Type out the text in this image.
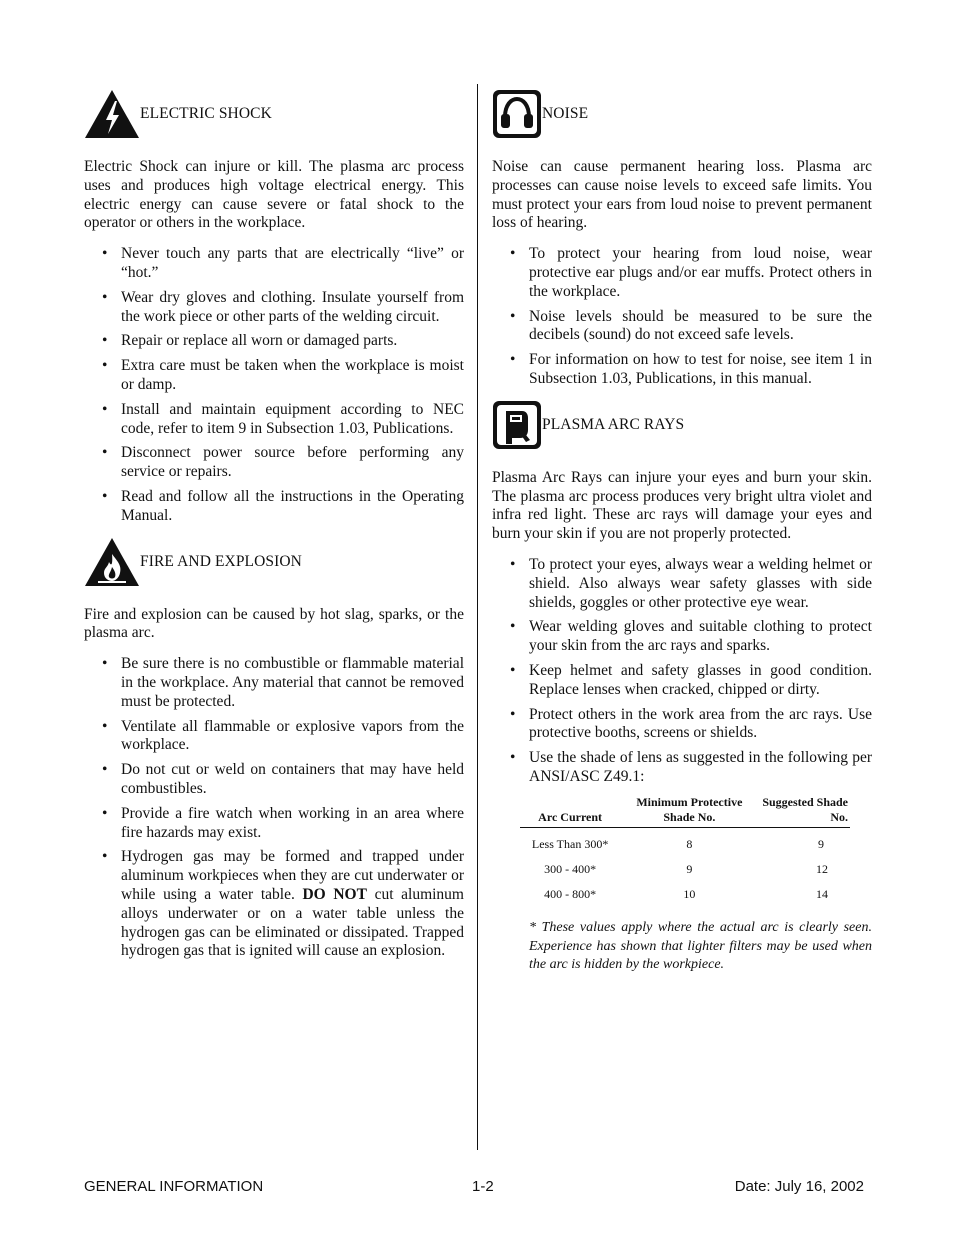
ELECTRIC SHOCK

Electric Shock can injure or kill. The plasma arc process uses and produces high voltage electrical energy. This electric energy can cause severe or fatal shock to the operator or others in the workplace.

• Never touch any parts that are electrically “live” or “hot.”
• Wear dry gloves and clothing. Insulate yourself from the work piece or other parts of the welding circuit.
• Repair or replace all worn or damaged parts.
• Extra care must be taken when the workplace is moist or damp.
• Install and maintain equipment according to NEC code, refer to item 9 in Subsection 1.03, Publications.
• Disconnect power source before performing any service or repairs.
• Read and follow all the instructions in the Operating Manual.
FIRE AND EXPLOSION

Fire and explosion can be caused by hot slag, sparks, or the plasma arc.

• Be sure there is no combustible or flammable material in the workplace. Any material that cannot be removed must be protected.
• Ventilate all flammable or explosive vapors from the workplace.
• Do not cut or weld on containers that may have held combustibles.
• Provide a fire watch when working in an area where fire hazards may exist.
• Hydrogen gas may be formed and trapped under aluminum workpieces when they are cut underwater or while using a water table. DO NOT cut aluminum alloys underwater or on a water table unless the hydrogen gas can be eliminated or dissipated. Trapped hydrogen gas that is ignited will cause an explosion.
NOISE

Noise can cause permanent hearing loss. Plasma arc processes can cause noise levels to exceed safe limits. You must protect your ears from loud noise to prevent permanent loss of hearing.

• To protect your hearing from loud noise, wear protective ear plugs and/or ear muffs. Protect others in the workplace.
• Noise levels should be measured to be sure the decibels (sound) do not exceed safe levels.
• For information on how to test for noise, see item 1 in Subsection 1.03, Publications, in this manual.
PLASMA ARC RAYS

Plasma Arc Rays can injure your eyes and burn your skin. The plasma arc process produces very bright ultra violet and infra red light. These arc rays will damage your eyes and burn your skin if you are not properly protected.

• To protect your eyes, always wear a welding helmet or shield. Also always wear safety glasses with side shields, goggles or other protective eye wear.
• Wear welding gloves and suitable clothing to protect your skin from the arc rays and sparks.
• Keep helmet and safety glasses in good condition. Replace lenses when cracked, chipped or dirty.
• Protect others in the work area from the arc rays. Use protective booths, screens or shields.
• Use the shade of lens as suggested in the following per ANSI/ASC Z49.1:
Arc Current	Minimum Protective Shade No.	Suggested Shade No.
Less Than 300*	8	9
300 - 400*	9	12
400 - 800*	10	14

* These values apply where the actual arc is clearly seen. Experience has shown that lighter filters may be used when the arc is hidden by the workpiece.

GENERAL INFORMATION	1-2	Date: July 16, 2002
